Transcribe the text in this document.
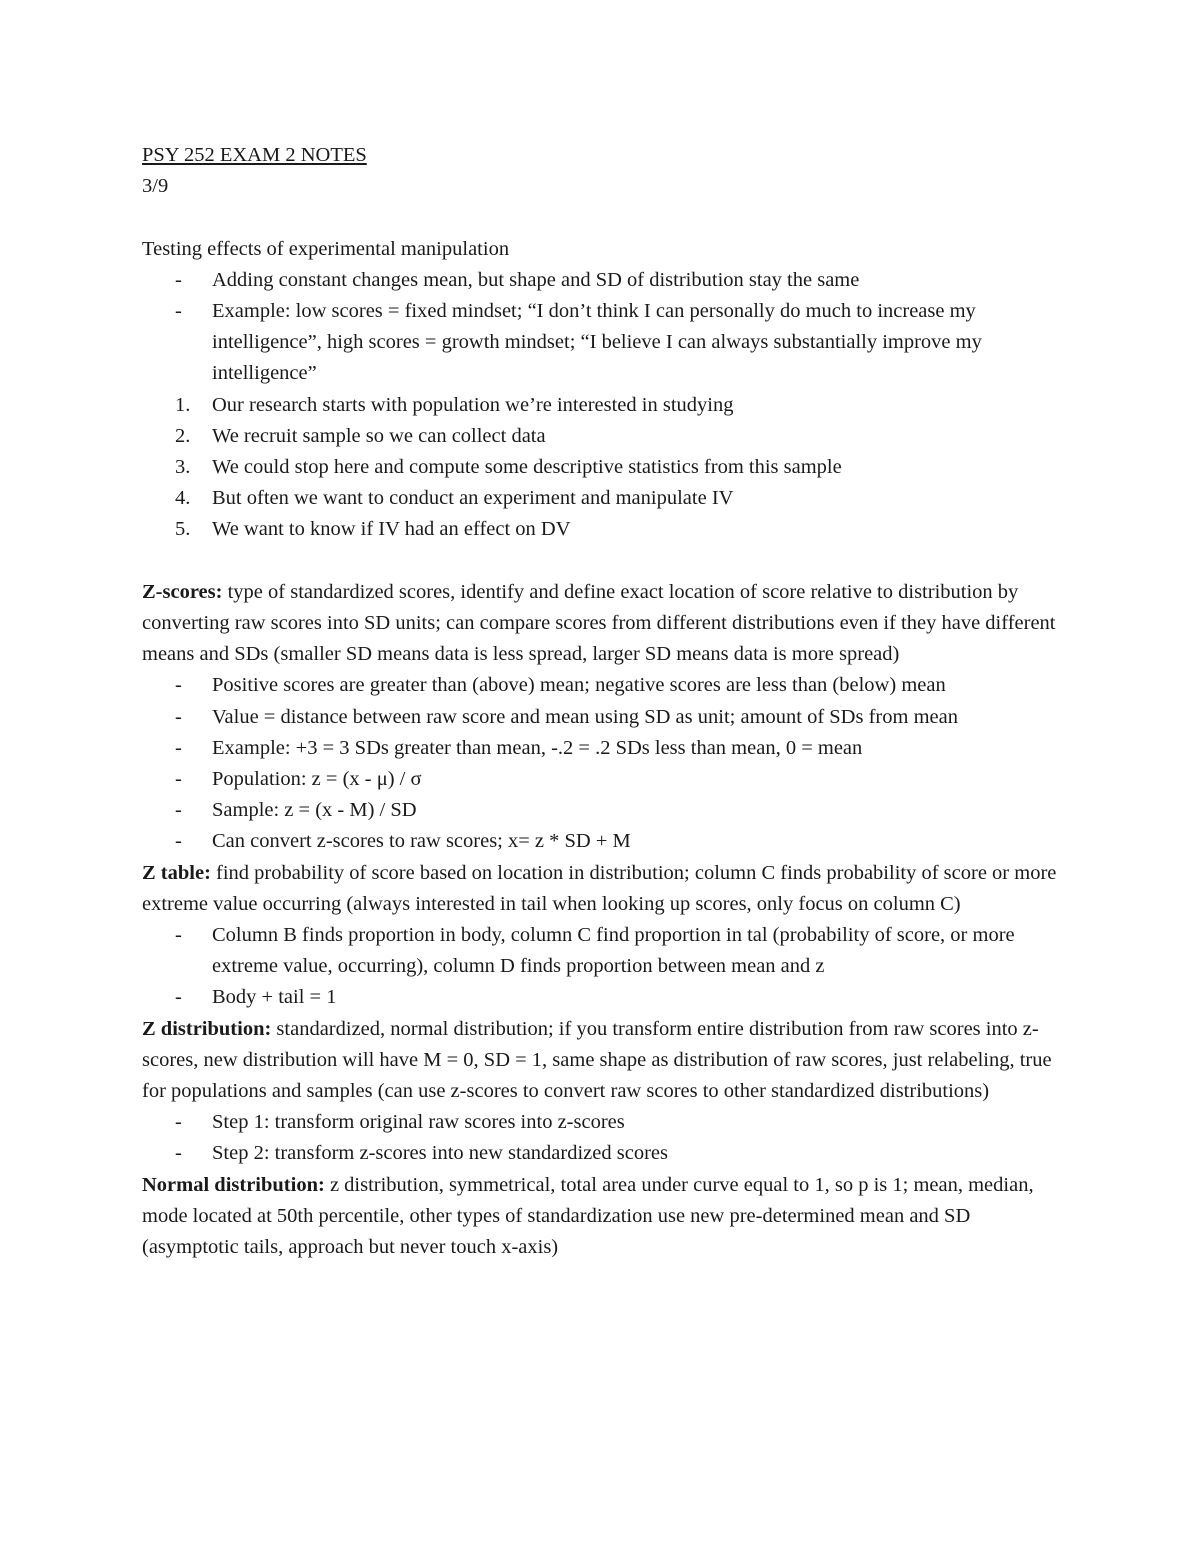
PSY 252 EXAM 2 NOTES
3/9
Testing effects of experimental manipulation
- Adding constant changes mean, but shape and SD of distribution stay the same
- Example: low scores = fixed mindset; “I don’t think I can personally do much to increase my intelligence”, high scores = growth mindset; “I believe I can always substantially improve my intelligence”
1. Our research starts with population we’re interested in studying
2. We recruit sample so we can collect data
3. We could stop here and compute some descriptive statistics from this sample
4. But often we want to conduct an experiment and manipulate IV
5. We want to know if IV had an effect on DV
Z-scores: type of standardized scores, identify and define exact location of score relative to distribution by converting raw scores into SD units; can compare scores from different distributions even if they have different means and SDs (smaller SD means data is less spread, larger SD means data is more spread)
- Positive scores are greater than (above) mean; negative scores are less than (below) mean
- Value = distance between raw score and mean using SD as unit; amount of SDs from mean
- Example: +3 = 3 SDs greater than mean, -.2 = .2 SDs less than mean, 0 = mean
- Population: z = (x - μ) / σ
- Sample: z = (x - M) / SD
- Can convert z-scores to raw scores; x= z * SD + M
Z table: find probability of score based on location in distribution; column C finds probability of score or more extreme value occurring (always interested in tail when looking up scores, only focus on column C)
- Column B finds proportion in body, column C find proportion in tal (probability of score, or more extreme value, occurring), column D finds proportion between mean and z
- Body + tail = 1
Z distribution: standardized, normal distribution; if you transform entire distribution from raw scores into z-scores, new distribution will have M = 0, SD = 1, same shape as distribution of raw scores, just relabeling, true for populations and samples (can use z-scores to convert raw scores to other standardized distributions)
- Step 1: transform original raw scores into z-scores
- Step 2: transform z-scores into new standardized scores
Normal distribution: z distribution, symmetrical, total area under curve equal to 1, so p is 1; mean, median, mode located at 50th percentile, other types of standardization use new pre-determined mean and SD (asymptotic tails, approach but never touch x-axis)
